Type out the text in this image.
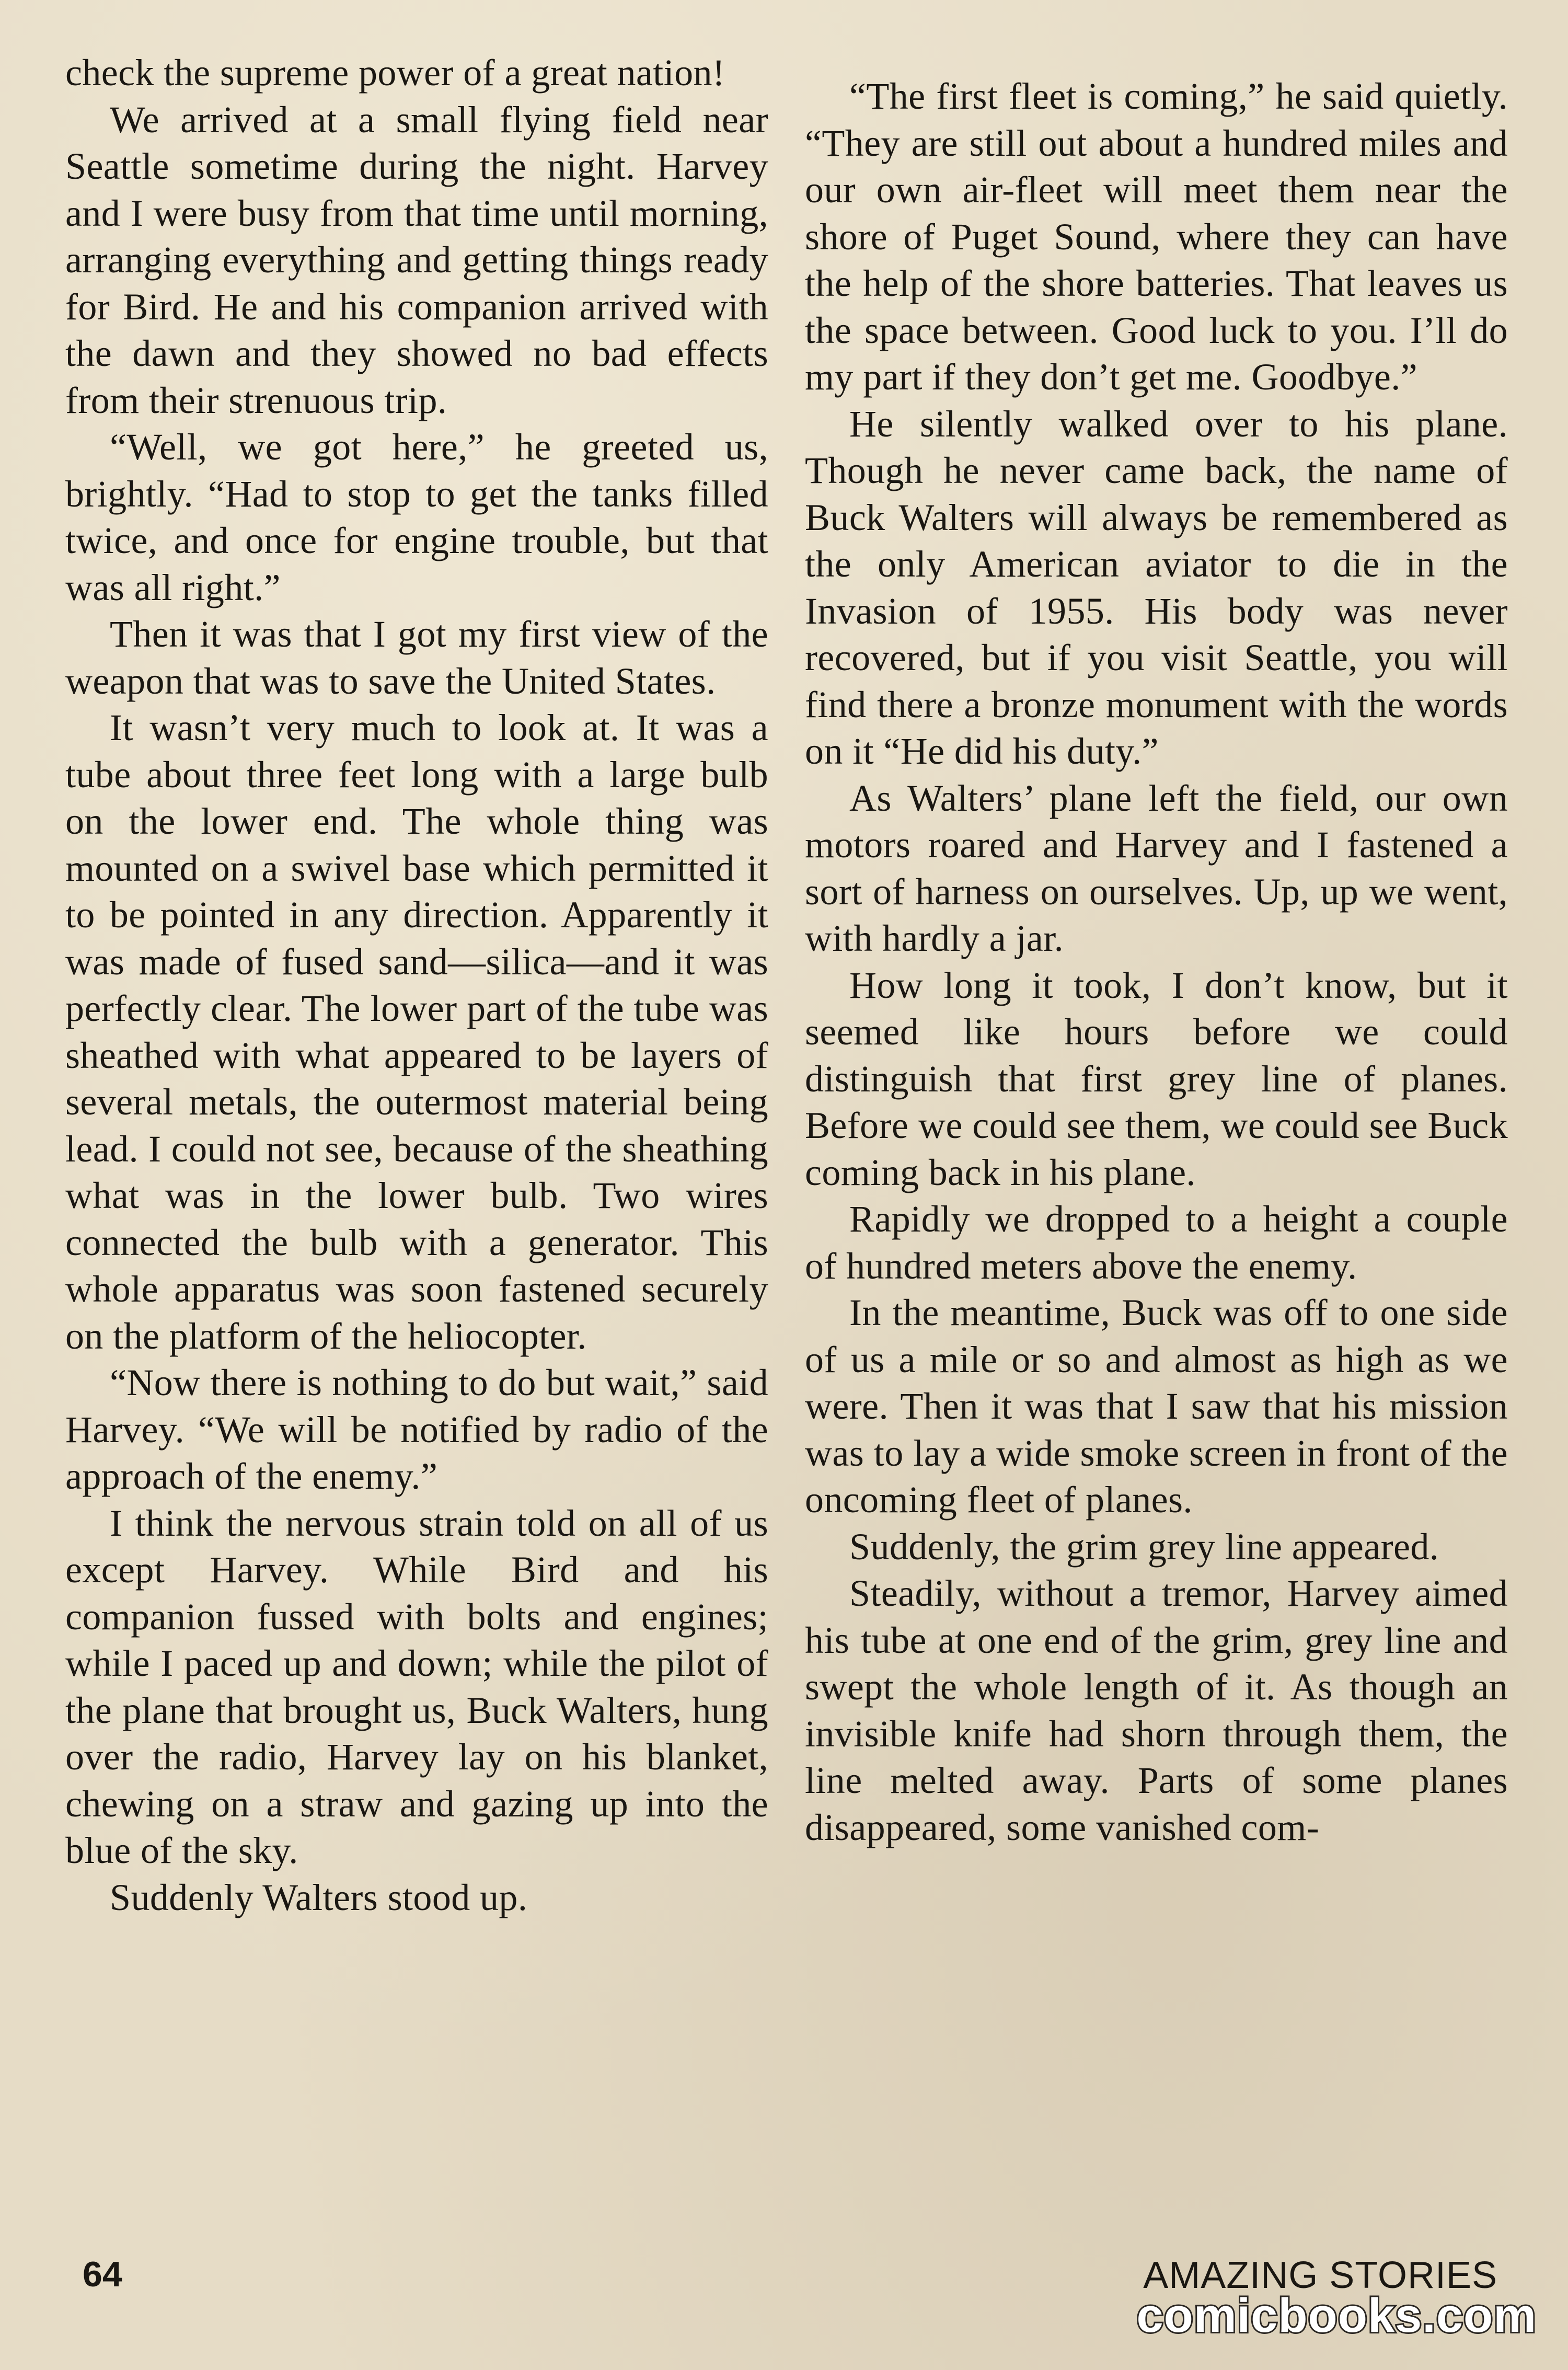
check the supreme power of a great nation!

We arrived at a small flying field near Seattle sometime during the night. Harvey and I were busy from that time until morning, arranging everything and getting things ready for Bird. He and his companion arrived with the dawn and they showed no bad effects from their strenuous trip.

“Well, we got here,” he greeted us, brightly. “Had to stop to get the tanks filled twice, and once for engine trouble, but that was all right.”

Then it was that I got my first view of the weapon that was to save the United States.

It wasn’t very much to look at. It was a tube about three feet long with a large bulb on the lower end. The whole thing was mounted on a swivel base which permitted it to be pointed in any direction. Apparently it was made of fused sand—silica—and it was perfectly clear. The lower part of the tube was sheathed with what appeared to be layers of several metals, the outermost material being lead. I could not see, because of the sheathing what was in the lower bulb. Two wires connected the bulb with a generator. This whole apparatus was soon fastened securely on the platform of the heliocopter.

“Now there is nothing to do but wait,” said Harvey. “We will be notified by radio of the approach of the enemy.”

I think the nervous strain told on all of us except Harvey. While Bird and his companion fussed with bolts and engines; while I paced up and down; while the pilot of the plane that brought us, Buck Walters, hung over the radio, Harvey lay on his blanket, chewing on a straw and gazing up into the blue of the sky.

Suddenly Walters stood up.

“The first fleet is coming,” he said quietly. “They are still out about a hundred miles and our own air-fleet will meet them near the shore of Puget Sound, where they can have the help of the shore batteries. That leaves us the space between. Good luck to you. I’ll do my part if they don’t get me. Goodbye.”

He silently walked over to his plane. Though he never came back, the name of Buck Walters will always be remembered as the only American aviator to die in the Invasion of 1955. His body was never recovered, but if you visit Seattle, you will find there a bronze monument with the words on it “He did his duty.”

As Walters’ plane left the field, our own motors roared and Harvey and I fastened a sort of harness on ourselves. Up, up we went, with hardly a jar.

How long it took, I don’t know, but it seemed like hours before we could distinguish that first grey line of planes. Before we could see them, we could see Buck coming back in his plane.

Rapidly we dropped to a height a couple of hundred meters above the enemy.

In the meantime, Buck was off to one side of us a mile or so and almost as high as we were. Then it was that I saw that his mission was to lay a wide smoke screen in front of the oncoming fleet of planes.

Suddenly, the grim grey line appeared.

Steadily, without a tremor, Harvey aimed his tube at one end of the grim, grey line and swept the whole length of it. As though an invisible knife had shorn through them, the line melted away. Parts of some planes disappeared, some vanished com-

64	AMAZING STORIES
comicbooks.com
